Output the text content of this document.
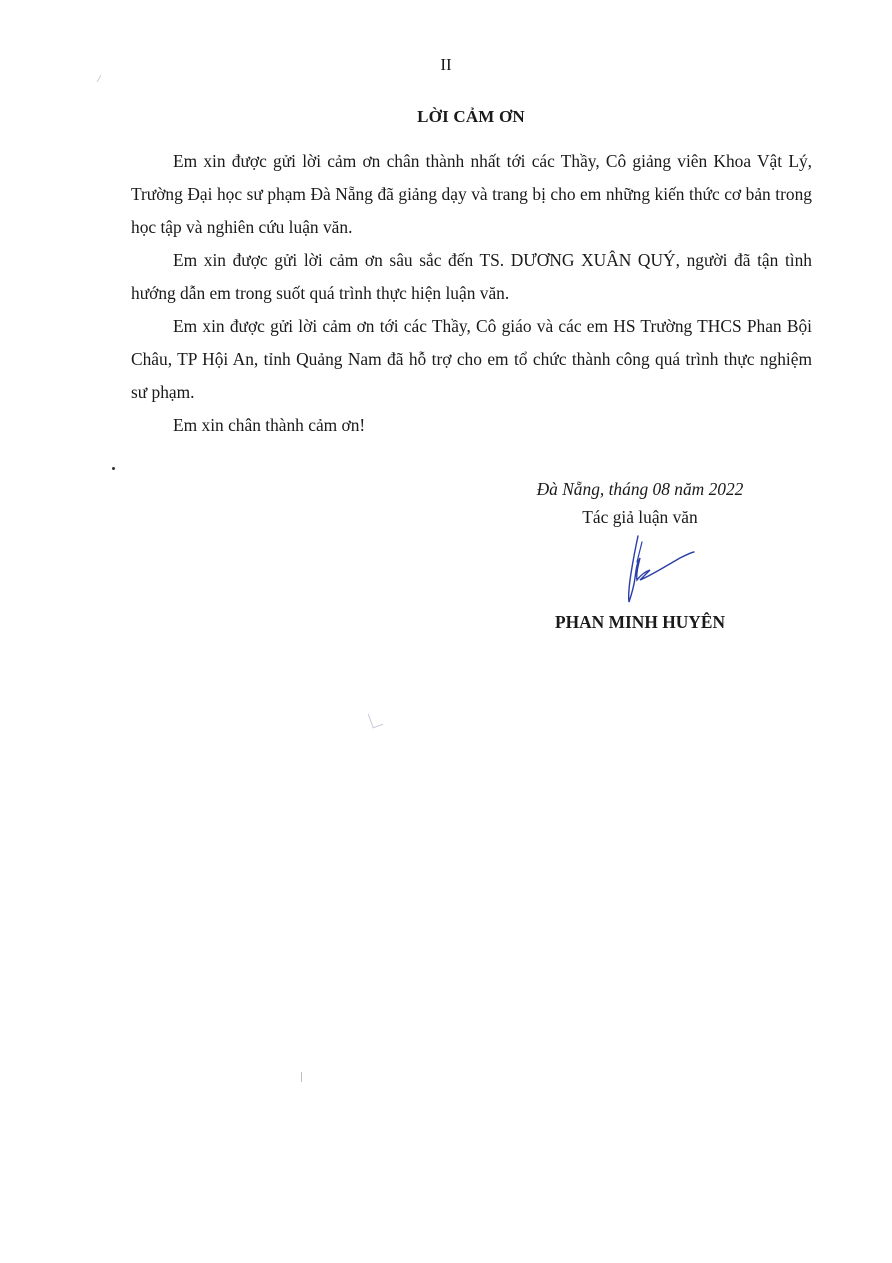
II
LỜI CẢM ƠN

Em xin được gửi lời cảm ơn chân thành nhất tới các Thầy, Cô giảng viên Khoa Vật Lý, Trường Đại học sư phạm Đà Nẵng đã giảng dạy và trang bị cho em những kiến thức cơ bản trong học tập và nghiên cứu luận văn.

Em xin được gửi lời cảm ơn sâu sắc đến TS. DƯƠNG XUÂN QUÝ, người đã tận tình hướng dẫn em trong suốt quá trình thực hiện luận văn.

Em xin được gửi lời cảm ơn tới các Thầy, Cô giáo và các em HS Trường THCS Phan Bội Châu, TP Hội An, tỉnh Quảng Nam đã hỗ trợ cho em tổ chức thành công quá trình thực nghiệm sư phạm.

Em xin chân thành cảm ơn!

Đà Nẵng, tháng 08 năm 2022
Tác giả luận văn
PHAN MINH HUYÊN
